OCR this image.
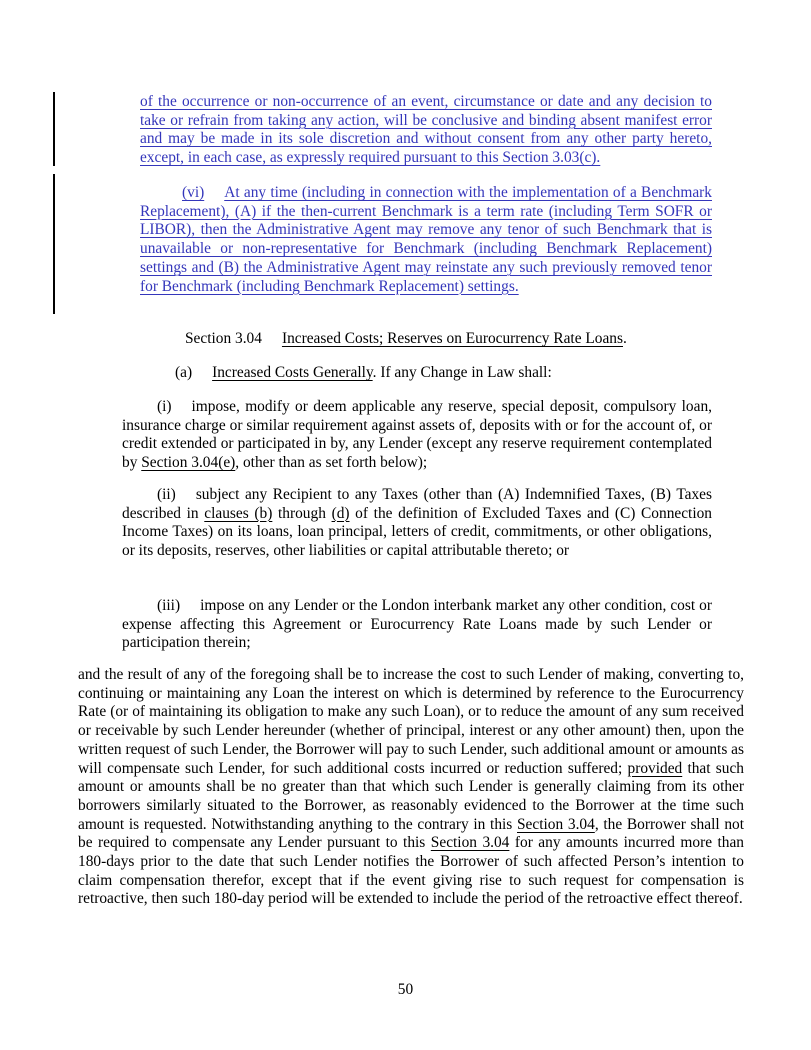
of the occurrence or non-occurrence of an event, circumstance or date and any decision to take or refrain from taking any action, will be conclusive and binding absent manifest error and may be made in its sole discretion and without consent from any other party hereto, except, in each case, as expressly required pursuant to this Section 3.03(c).

(vi) At any time (including in connection with the implementation of a Benchmark Replacement), (A) if the then-current Benchmark is a term rate (including Term SOFR or LIBOR), then the Administrative Agent may remove any tenor of such Benchmark that is unavailable or non-representative for Benchmark (including Benchmark Replacement) settings and (B) the Administrative Agent may reinstate any such previously removed tenor for Benchmark (including Benchmark Replacement) settings.

Section 3.04 Increased Costs; Reserves on Eurocurrency Rate Loans.

(a) Increased Costs Generally. If any Change in Law shall:

(i) impose, modify or deem applicable any reserve, special deposit, compulsory loan, insurance charge or similar requirement against assets of, deposits with or for the account of, or credit extended or participated in by, any Lender (except any reserve requirement contemplated by Section 3.04(e), other than as set forth below);

(ii) subject any Recipient to any Taxes (other than (A) Indemnified Taxes, (B) Taxes described in clauses (b) through (d) of the definition of Excluded Taxes and (C) Connection Income Taxes) on its loans, loan principal, letters of credit, commitments, or other obligations, or its deposits, reserves, other liabilities or capital attributable thereto; or

(iii) impose on any Lender or the London interbank market any other condition, cost or expense affecting this Agreement or Eurocurrency Rate Loans made by such Lender or participation therein;

and the result of any of the foregoing shall be to increase the cost to such Lender of making, converting to, continuing or maintaining any Loan the interest on which is determined by reference to the Eurocurrency Rate (or of maintaining its obligation to make any such Loan), or to reduce the amount of any sum received or receivable by such Lender hereunder (whether of principal, interest or any other amount) then, upon the written request of such Lender, the Borrower will pay to such Lender, such additional amount or amounts as will compensate such Lender, for such additional costs incurred or reduction suffered; provided that such amount or amounts shall be no greater than that which such Lender is generally claiming from its other borrowers similarly situated to the Borrower, as reasonably evidenced to the Borrower at the time such amount is requested. Notwithstanding anything to the contrary in this Section 3.04, the Borrower shall not be required to compensate any Lender pursuant to this Section 3.04 for any amounts incurred more than 180-days prior to the date that such Lender notifies the Borrower of such affected Person’s intention to claim compensation therefor, except that if the event giving rise to such request for compensation is retroactive, then such 180-day period will be extended to include the period of the retroactive effect thereof.

50
